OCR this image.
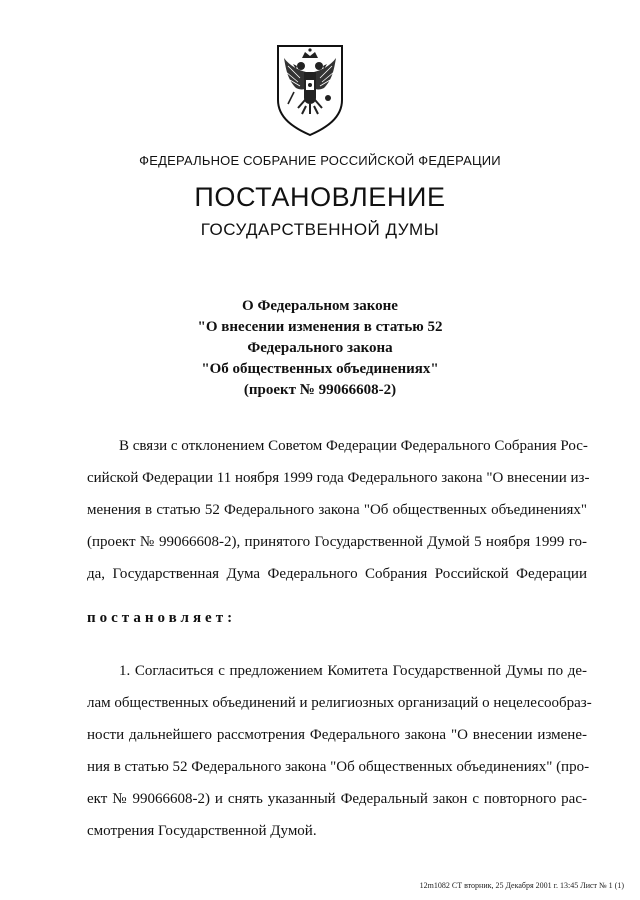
ФЕДЕРАЛЬНОЕ СОБРАНИЕ РОССИЙСКОЙ ФЕДЕРАЦИИ
ПОСТАНОВЛЕНИЕ
ГОСУДАРСТВЕННОЙ ДУМЫ
О Федеральном законе
"О внесении изменения в статью 52
Федерального закона
"Об общественных объединениях"
(проект № 99066608-2)
В связи с отклонением Советом Федерации Федерального Собрания Рос-
сийской Федерации 11 ноября 1999 года Федерального закона "О внесении из-
менения в статью 52 Федерального закона "Об общественных объединениях"
(проект № 99066608-2), принятого Государственной Думой 5 ноября 1999 го-
да, Государственная Дума Федерального Собрания Российской Федерации
постановляет:
1. Согласиться с предложением Комитета Государственной Думы по де-
лам общественных объединений и религиозных организаций о нецелесообраз-
ности дальнейшего рассмотрения Федерального закона "О внесении измене-
ния в статью 52 Федерального закона "Об общественных объединениях" (про-
ект № 99066608-2) и снять указанный Федеральный закон с повторного рас-
смотрения Государственной Думой.
12m1082 СТ вторник, 25 Декабря 2001 г. 13:45 Лист № 1 (1)
